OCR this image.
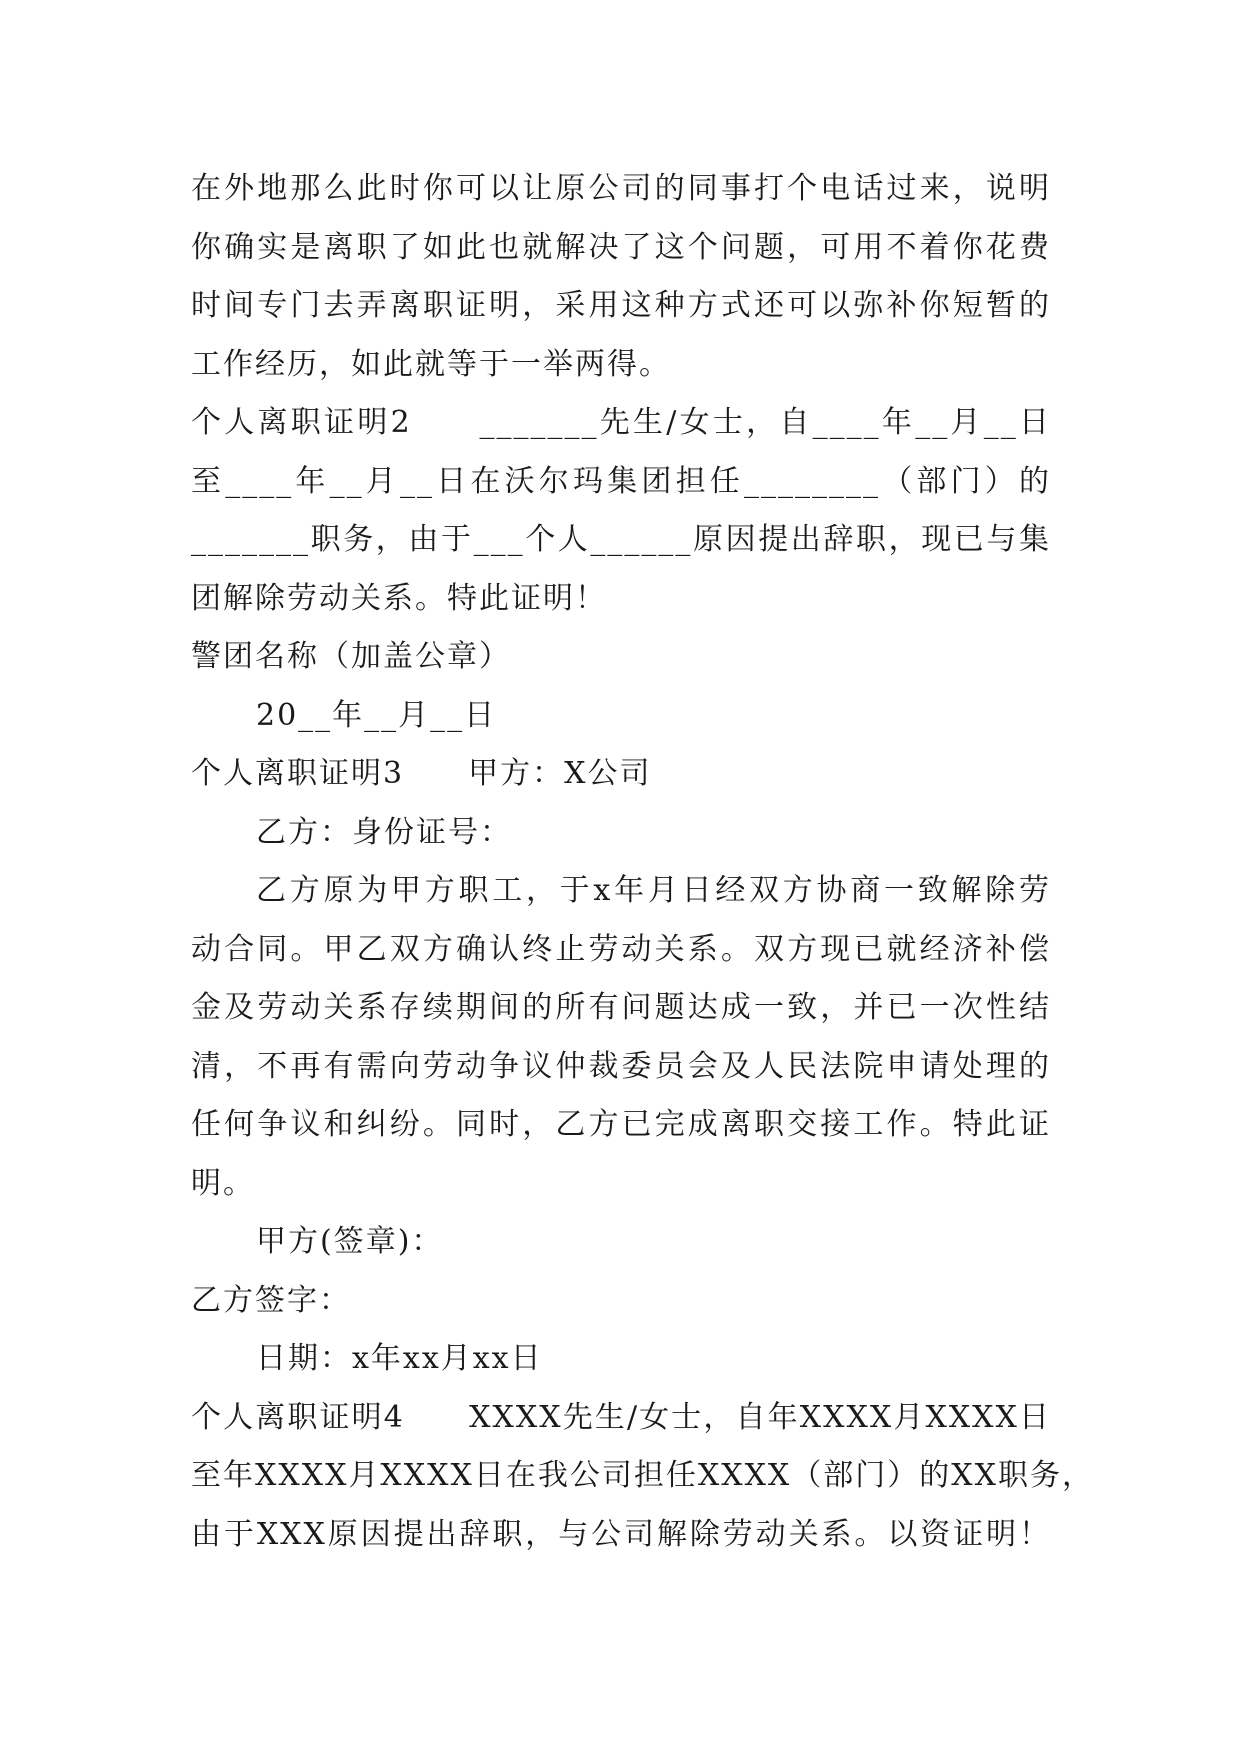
在外地那么此时你可以让原公司的同事打个电话过来，说明
你确实是离职了如此也就解决了这个问题，可用不着你花费
时间专门去弄离职证明，采用这种方式还可以弥补你短暂的
工作经历，如此就等于一举两得。
个人离职证明2　　_______先生/女士，自____年__月__日
至____年__月__日在沃尔玛集团担任________（部门）的
_______职务，由于___个人______原因提出辞职，现已与集
团解除劳动关系。特此证明！
警团名称（加盖公章）
20__年__月__日
个人离职证明3　　甲方：X公司
乙方：身份证号：
乙方原为甲方职工，于x年月日经双方协商一致解除劳
动合同。甲乙双方确认终止劳动关系。双方现已就经济补偿
金及劳动关系存续期间的所有问题达成一致，并已一次性结
清，不再有需向劳动争议仲裁委员会及人民法院申请处理的
任何争议和纠纷。同时，乙方已完成离职交接工作。特此证
明。
甲方(签章)：
乙方签字：
日期：x年xx月xx日
个人离职证明4　　XXXX先生/女士，自年XXXX月XXXX日
至年XXXX月XXXX日在我公司担任XXXX（部门）的XX职务，
由于XXX原因提出辞职，与公司解除劳动关系。以资证明！
